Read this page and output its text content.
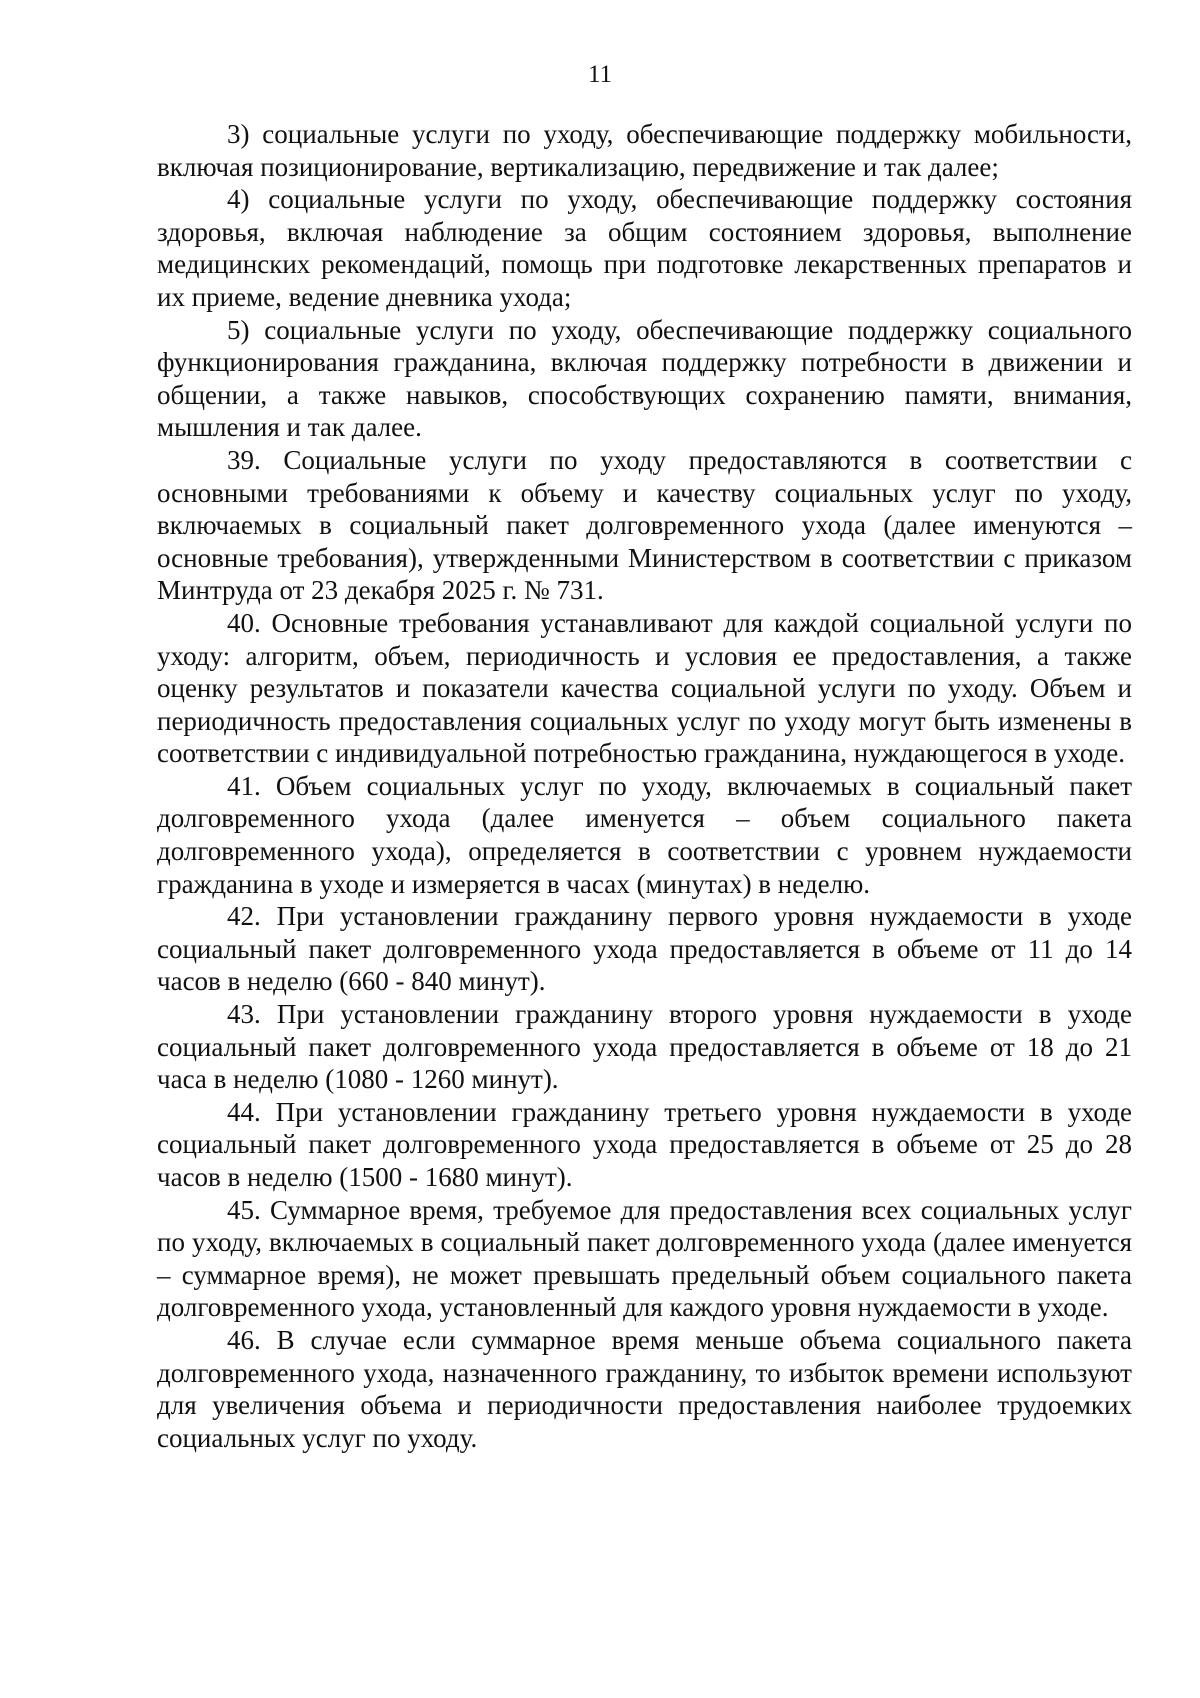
11

3) социальные услуги по уходу, обеспечивающие поддержку мобильности, включая позиционирование, вертикализацию, передвижение и так далее;

4) социальные услуги по уходу, обеспечивающие поддержку состояния здоровья, включая наблюдение за общим состоянием здоровья, выполнение медицинских рекомендаций, помощь при подготовке лекарственных препаратов и их приеме, ведение дневника ухода;

5) социальные услуги по уходу, обеспечивающие поддержку социального функционирования гражданина, включая поддержку потребности в движении и общении, а также навыков, способствующих сохранению памяти, внимания, мышления и так далее.

39. Социальные услуги по уходу предоставляются в соответствии с основными требованиями к объему и качеству социальных услуг по уходу, включаемых в социальный пакет долговременного ухода (далее именуются – основные требования), утвержденными Министерством в соответствии с приказом Минтруда от 23 декабря 2025 г. № 731.

40. Основные требования устанавливают для каждой социальной услуги по уходу: алгоритм, объем, периодичность и условия ее предоставления, а также оценку результатов и показатели качества социальной услуги по уходу. Объем и периодичность предоставления социальных услуг по уходу могут быть изменены в соответствии с индивидуальной потребностью гражданина, нуждающегося в уходе.

41. Объем социальных услуг по уходу, включаемых в социальный пакет долговременного ухода (далее именуется – объем социального пакета долговременного ухода), определяется в соответствии с уровнем нуждаемости гражданина в уходе и измеряется в часах (минутах) в неделю.

42. При установлении гражданину первого уровня нуждаемости в уходе социальный пакет долговременного ухода предоставляется в объеме от 11 до 14 часов в неделю (660 - 840 минут).

43. При установлении гражданину второго уровня нуждаемости в уходе социальный пакет долговременного ухода предоставляется в объеме от 18 до 21 часа в неделю (1080 - 1260 минут).

44. При установлении гражданину третьего уровня нуждаемости в уходе социальный пакет долговременного ухода предоставляется в объеме от 25 до 28 часов в неделю (1500 - 1680 минут).

45. Суммарное время, требуемое для предоставления всех социальных услуг по уходу, включаемых в социальный пакет долговременного ухода (далее именуется – суммарное время), не может превышать предельный объем социального пакета долговременного ухода, установленный для каждого уровня нуждаемости в уходе.

46. В случае если суммарное время меньше объема социального пакета долговременного ухода, назначенного гражданину, то избыток времени используют для увеличения объема и периодичности предоставления наиболее трудоемких социальных услуг по уходу.
